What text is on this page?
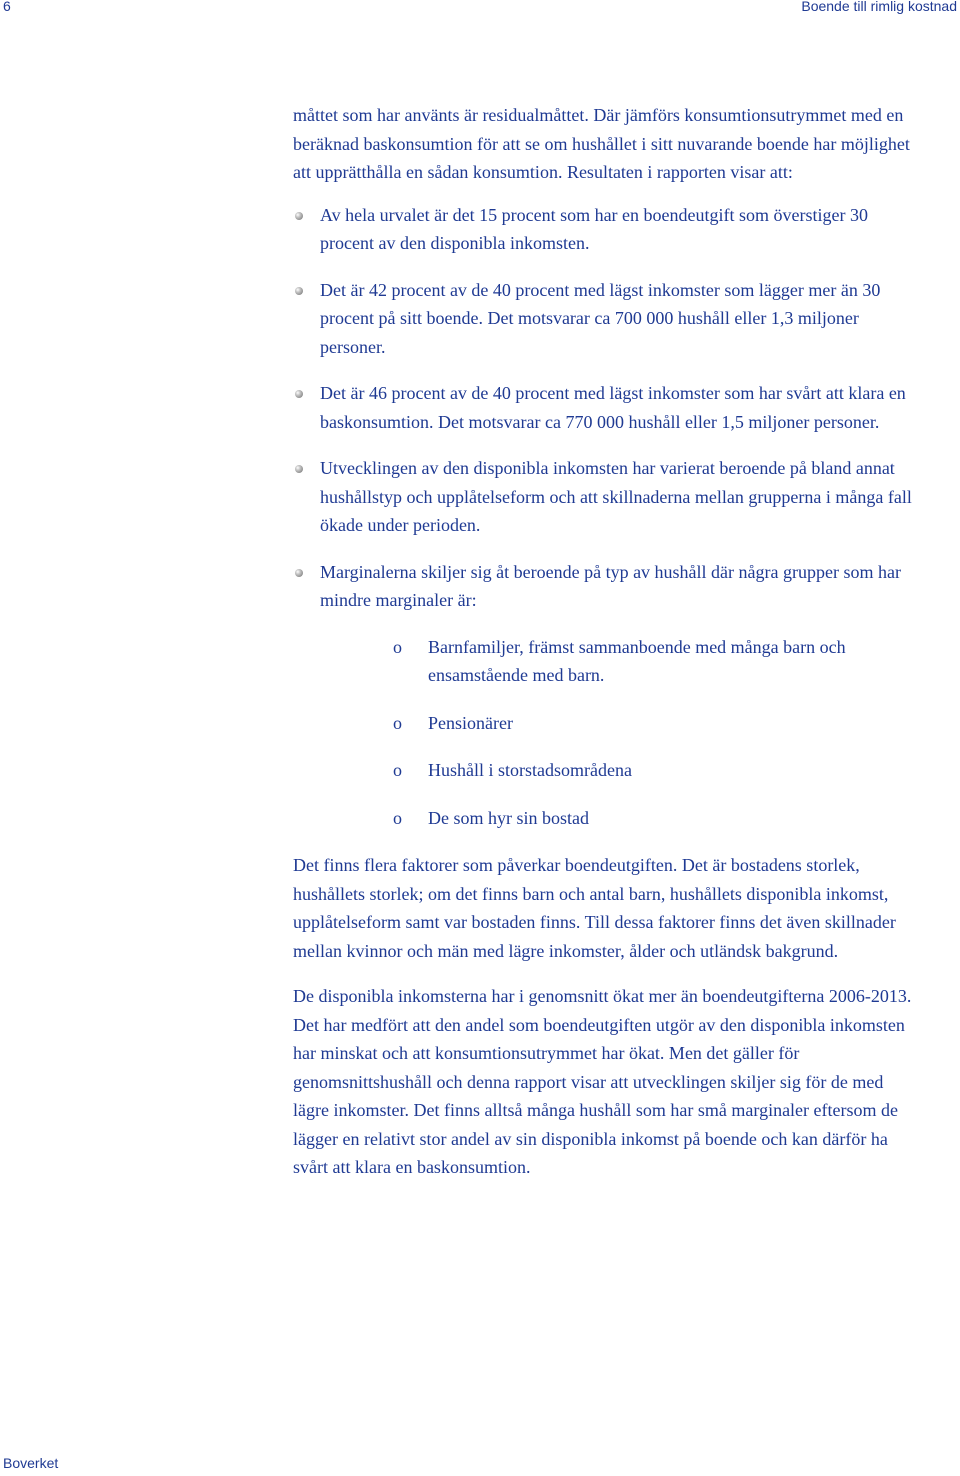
6	Boende till rimlig kostnad

måttet som har använts är residualmåttet. Där jämförs konsumtionsutrymmet med en beräknad baskonsumtion för att se om hushållet i sitt nuvarande boende har möjlighet att upprätthålla en sådan konsumtion. Resultaten i rapporten visar att:

Av hela urvalet är det 15 procent som har en boendeutgift som överstiger 30 procent av den disponibla inkomsten.
Det är 42 procent av de 40 procent med lägst inkomster som lägger mer än 30 procent på sitt boende. Det motsvarar ca 700 000 hushåll eller 1,3 miljoner personer.
Det är 46 procent av de 40 procent med lägst inkomster som har svårt att klara en baskonsumtion. Det motsvarar ca 770 000 hushåll eller 1,5 miljoner personer.
Utvecklingen av den disponibla inkomsten har varierat beroende på bland annat hushållstyp och upplåtelseform och att skillnaderna mellan grupperna i många fall ökade under perioden.
Marginalerna skiljer sig åt beroende på typ av hushåll där några grupper som har mindre marginaler är:
o Barnfamiljer, främst sammanboende med många barn och ensamstående med barn.
o Pensionärer
o Hushåll i storstadsområdena
o De som hyr sin bostad

Det finns flera faktorer som påverkar boendeutgiften. Det är bostadens storlek, hushållets storlek; om det finns barn och antal barn, hushållets disponibla inkomst, upplåtelseform samt var bostaden finns. Till dessa faktorer finns det även skillnader mellan kvinnor och män med lägre inkomster, ålder och utländsk bakgrund.

De disponibla inkomsterna har i genomsnitt ökat mer än boendeutgifterna 2006-2013. Det har medfört att den andel som boendeutgiften utgör av den disponibla inkomsten har minskat och att konsumtionsutrymmet har ökat. Men det gäller för genomsnittshushåll och denna rapport visar att utvecklingen skiljer sig för de med lägre inkomster. Det finns alltså många hushåll som har små marginaler eftersom de lägger en relativt stor andel av sin disponibla inkomst på boende och kan därför ha svårt att klara en baskonsumtion.

Boverket
